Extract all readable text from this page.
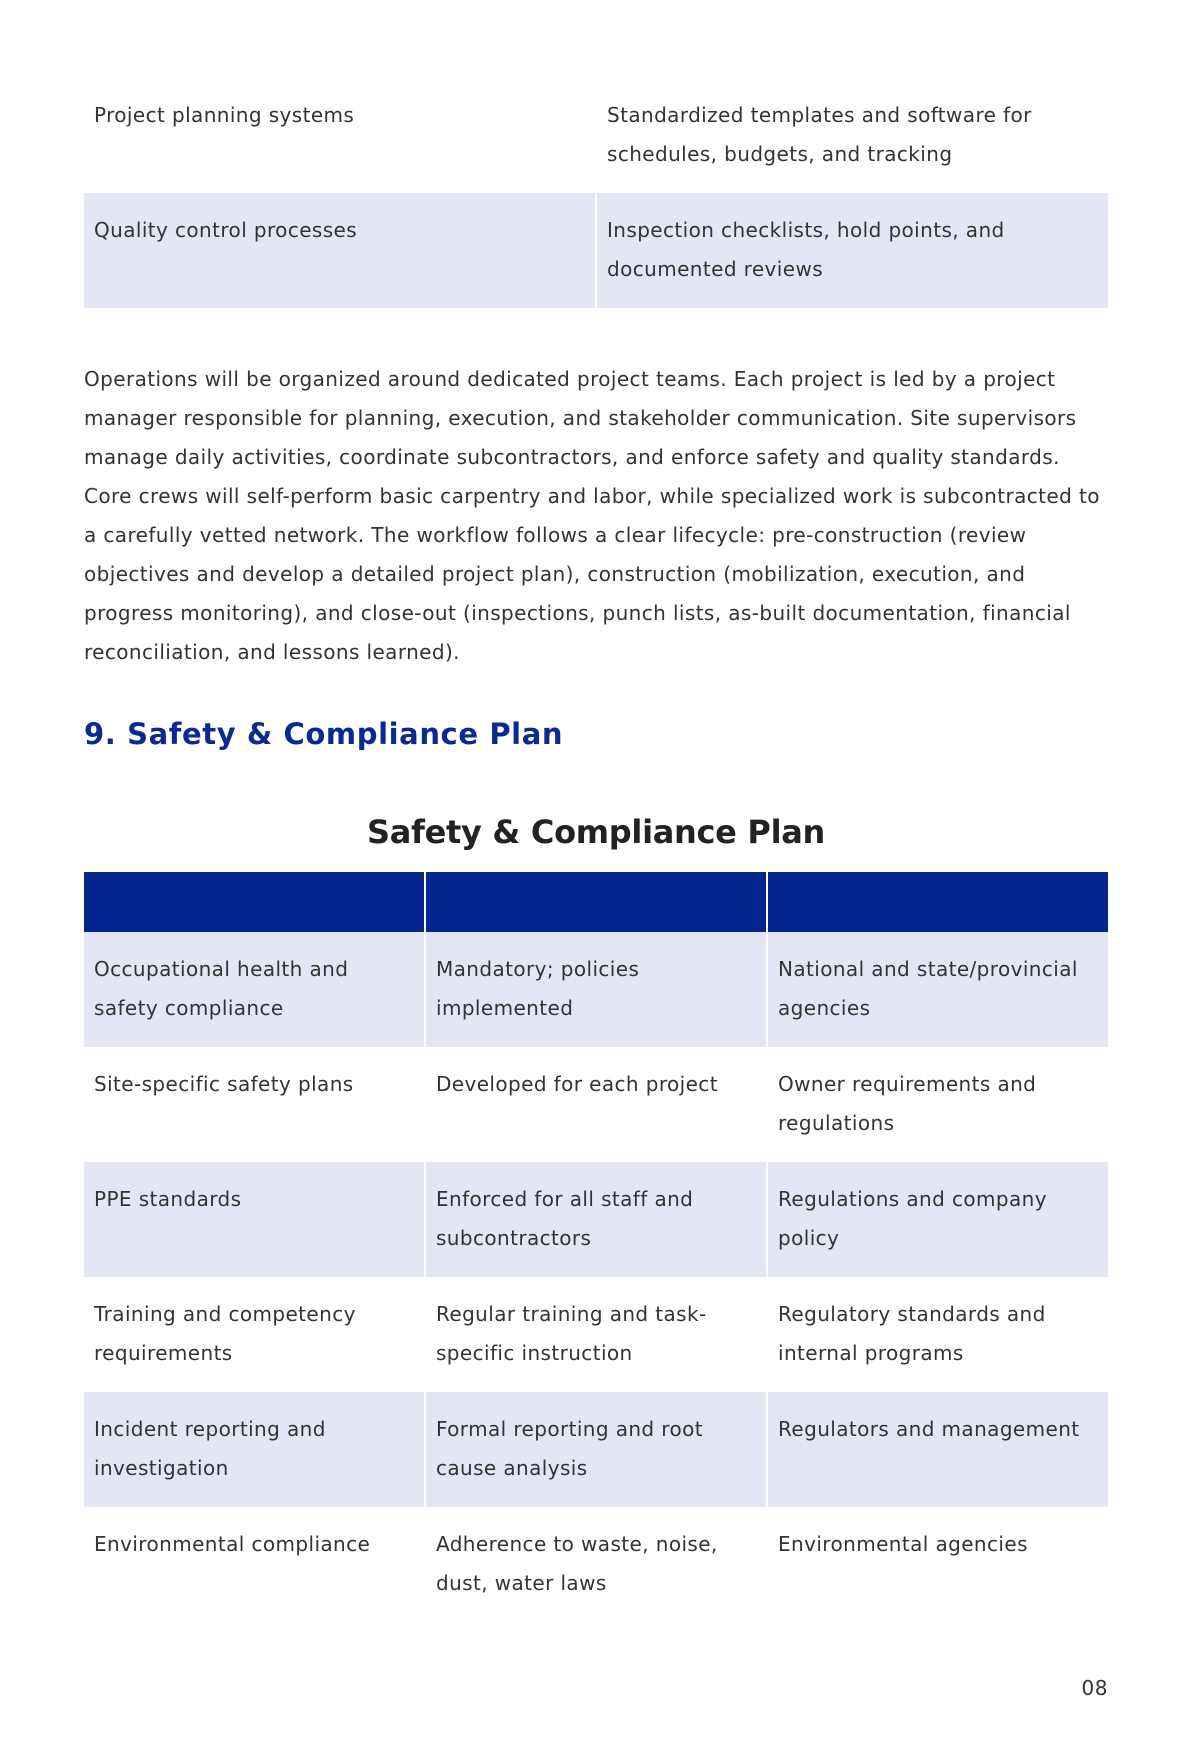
Project planning systems	Standardized templates and software for schedules, budgets, and tracking
Quality control processes	Inspection checklists, hold points, and documented reviews

Operations will be organized around dedicated project teams. Each project is led by a project manager responsible for planning, execution, and stakeholder communication. Site supervisors manage daily activities, coordinate subcontractors, and enforce safety and quality standards. Core crews will self-perform basic carpentry and labor, while specialized work is subcontracted to a carefully vetted network. The workflow follows a clear lifecycle: pre-construction (review objectives and develop a detailed project plan), construction (mobilization, execution, and progress monitoring), and close-out (inspections, punch lists, as-built documentation, financial reconciliation, and lessons learned).

9. Safety & Compliance Plan
Safety & Compliance Plan

Occupational health and safety compliance	Mandatory; policies implemented	National and state/provincial agencies
Site-specific safety plans	Developed for each project	Owner requirements and regulations
PPE standards	Enforced for all staff and subcontractors	Regulations and company policy
Training and competency requirements	Regular training and task-specific instruction	Regulatory standards and internal programs
Incident reporting and investigation	Formal reporting and root cause analysis	Regulators and management
Environmental compliance	Adherence to waste, noise, dust, water laws	Environmental agencies
08
